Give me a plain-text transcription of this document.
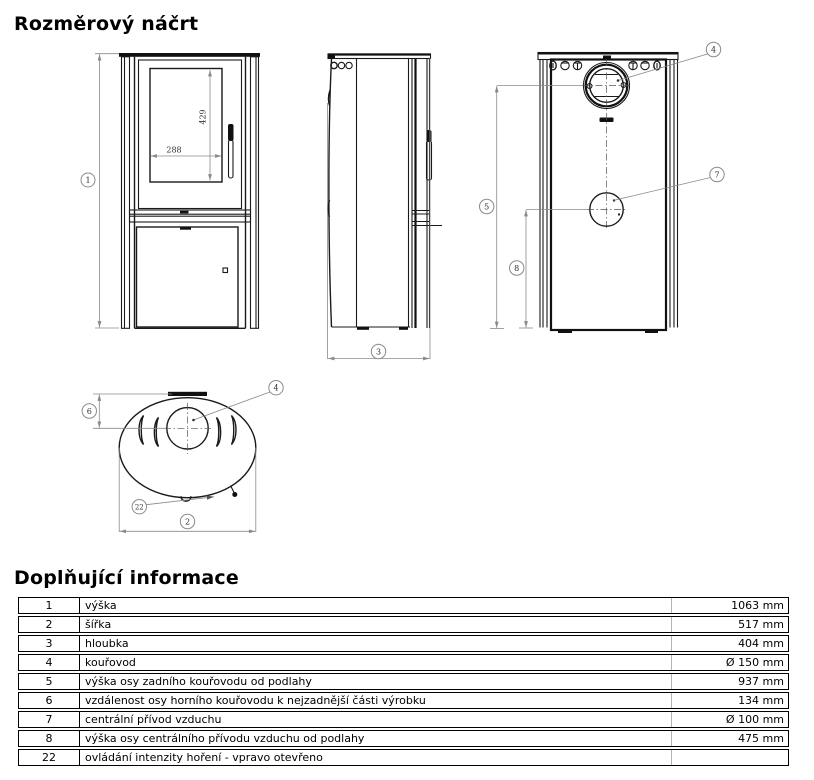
Rozměrový náčrt
1
429
288
3
4
7
5
8
4
6
22
2
Doplňující informace
1	výška	1063 mm
2	šířka	517 mm
3	hloubka	404 mm
4	kouřovod	Ø 150 mm
5	výška osy zadního kouřovodu od podlahy	937 mm
6	vzdálenost osy horního kouřovodu k nejzadnější části výrobku	134 mm
7	centrální přívod vzduchu	Ø 100 mm
8	výška osy centrálního přívodu vzduchu od podlahy	475 mm
22	ovládání intenzity hoření - vpravo otevřeno
